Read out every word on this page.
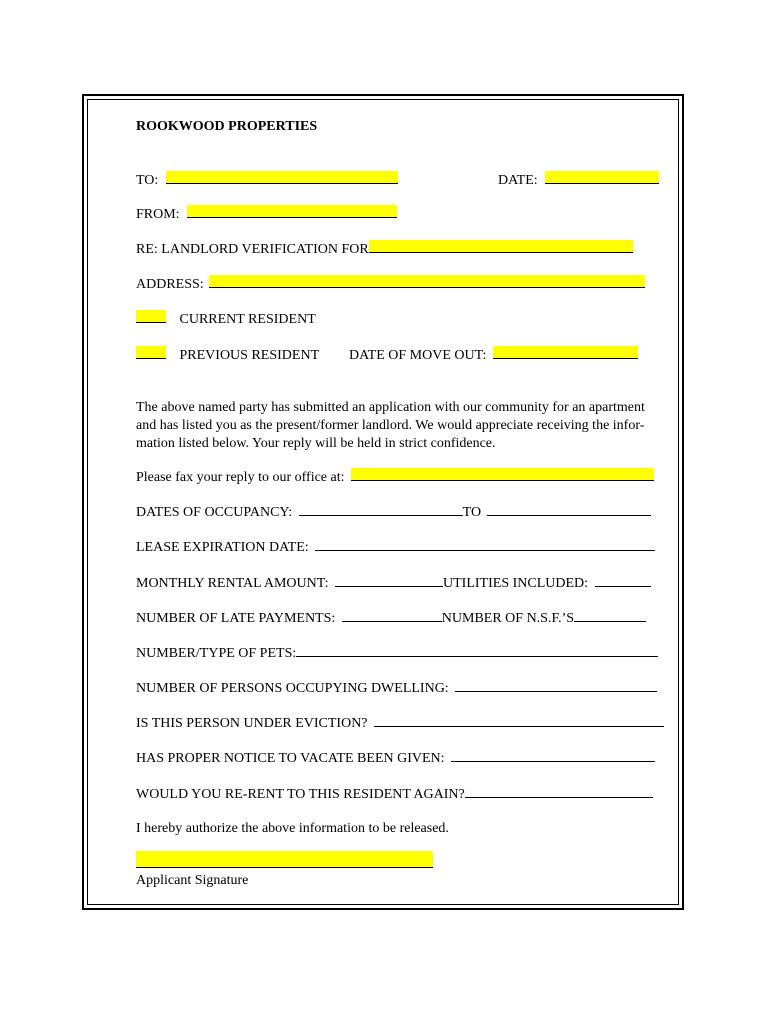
ROOKWOOD PROPERTIES
TO:	DATE:
FROM:
RE: LANDLORD VERIFICATION FOR
ADDRESS:
CURRENT RESIDENT
PREVIOUS RESIDENT DATE OF MOVE OUT:
The above named party has submitted an application with our community for an apartment
and has listed you as the present/former landlord. We would appreciate receiving the infor-
mation listed below. Your reply will be held in strict confidence.
Please fax your reply to our office at:
DATES OF OCCUPANCY:	TO
LEASE EXPIRATION DATE:
MONTHLY RENTAL AMOUNT:	UTILITIES INCLUDED:
NUMBER OF LATE PAYMENTS:	NUMBER OF N.S.F.’S
NUMBER/TYPE OF PETS:
NUMBER OF PERSONS OCCUPYING DWELLING:
IS THIS PERSON UNDER EVICTION?
HAS PROPER NOTICE TO VACATE BEEN GIVEN:
WOULD YOU RE-RENT TO THIS RESIDENT AGAIN?
I hereby authorize the above information to be released.
Applicant Signature
